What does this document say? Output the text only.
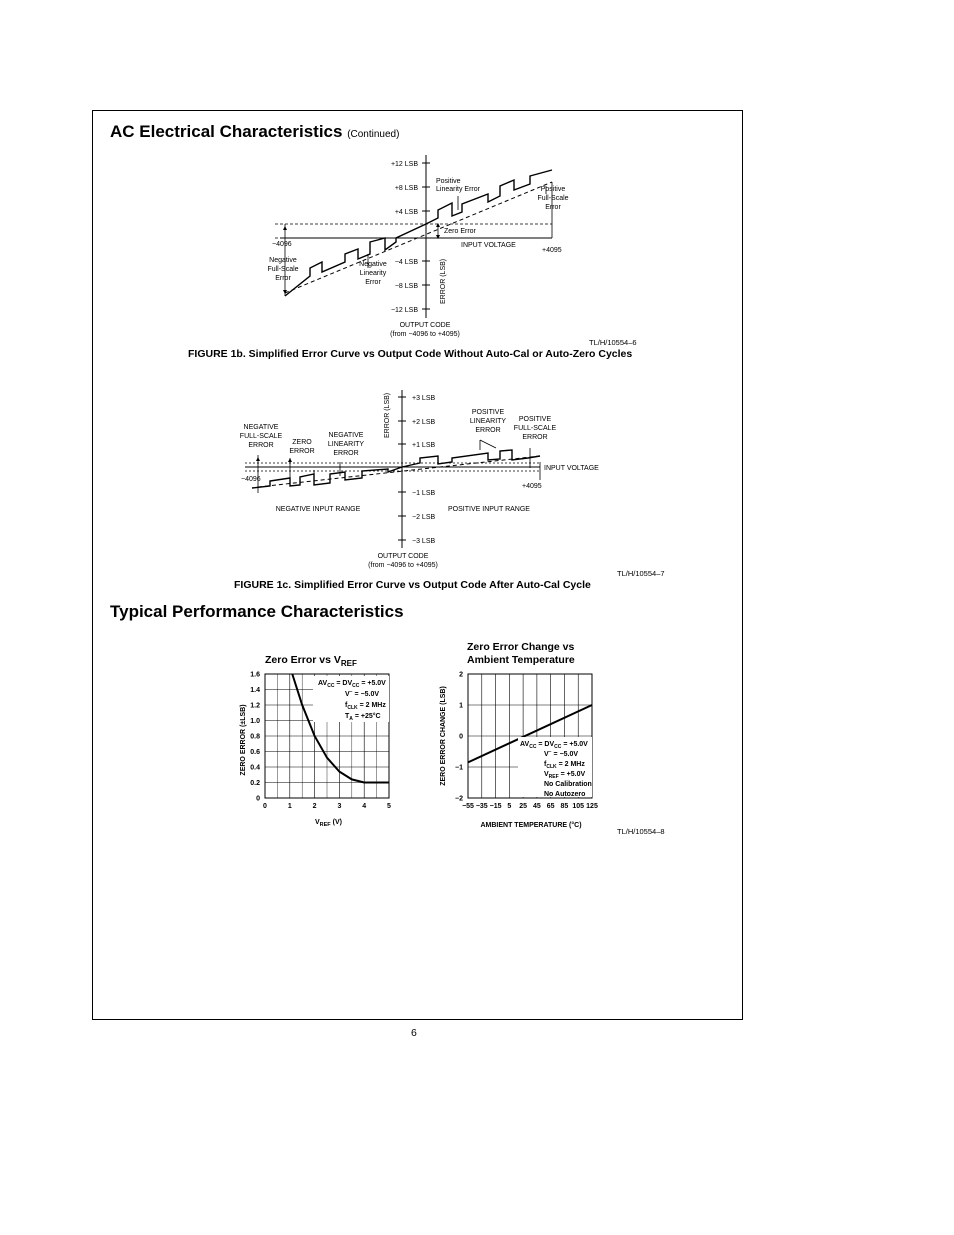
AC Electrical Characteristics (Continued)
+12 LSB
+8 LSB
+4 LSB
−4 LSB
−8 LSB
−12 LSB
Positive
Linearity Error	Positive
Full-Scale
Error
Zero Error
−4096	INPUT VOLTAGE
+4095
Negative
Full-Scale
Error
Negative
Linearity
Error	ERROR (LSB)
OUTPUT CODE
(from −4096 to +4095)
TL/H/10554–6
FIGURE 1b. Simplified Error Curve vs Output Code Without Auto-Cal or Auto-Zero Cycles
+3 LSB
+2 LSB
+1 LSB
−1 LSB
−2 LSB
−3 LSB
ERROR (LSB)
NEGATIVE
FULL-SCALE
ERROR	ZERO
ERROR
NEGATIVE
LINEARITY
ERROR
POSITIVE
LINEARITY
ERROR
POSITIVE
FULL-SCALE
ERROR
INPUT VOLTAGE
−4096
+4095
NEGATIVE INPUT RANGE	POSITIVE INPUT RANGE
OUTPUT CODE
(from −4096 to +4095)
TL/H/10554–7
FIGURE 1c. Simplified Error Curve vs Output Code After Auto-Cal Cycle
Typical Performance Characteristics
Zero Error vs $V_{REF}$
ZERO ERROR (±LSB)
$V_{REF}$ (V)
Zero Error Change vs
Ambient Temperature
ZERO ERROR CHANGE (LSB)
AMBIENT TEMPERATURE (°C)
0	1	2	3	4	5
0
0.2
0.4
0.6
0.8
1.0
1.2
1.4
1.6
−55 −35 −15 5 25 45 65 85 105 125
−2
−1
0
1
2
$AV_{CC} = DV_{CC} = +5.0V$
V− = −5.0V
$f_{CLK} = 2$ MHz
$T_A = +25^\circ C$
$AV_{CC} = DV_{CC} = +5.0V$
V− = −5.0V
$f_{CLK} = 2$ MHz
$V_{REF} = +5.0V$
No Calibration
No Autozero
TL/H/10554–8
6
